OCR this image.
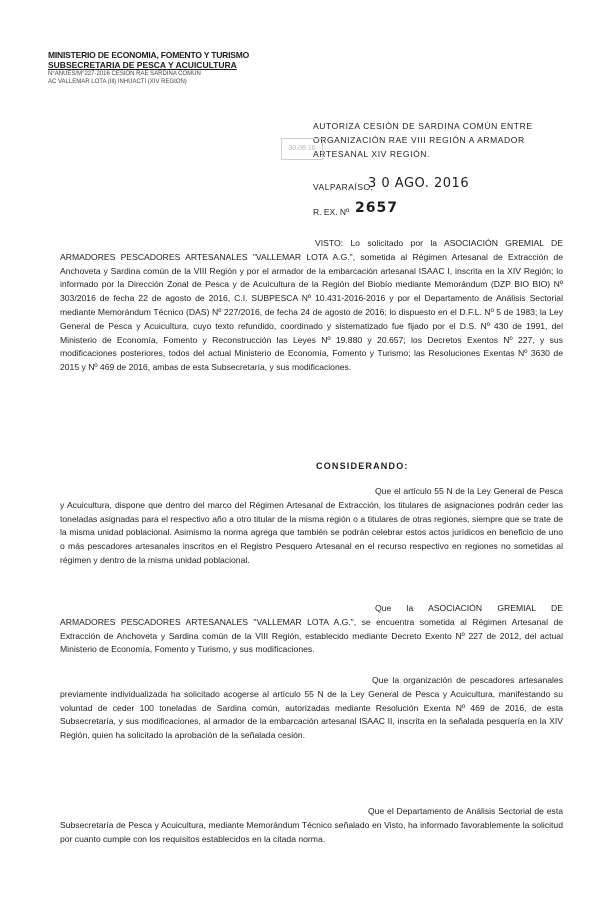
MINISTERIO DE ECONOMIA, FOMENTO Y TURISMO
SUBSECRETARIA DE PESCA Y ACUICULTURA
N°ANUES/M°227-2016 CESION RAE SARDINA COMUN
AC VALLEMAR LOTA (Ill) INHUACTI (XIV REGION)
AUTORIZA CESIÓN DE SARDINA COMÚN ENTRE ORGANIZACIÓN RAE VIII REGIÓN A ARMADOR ARTESANAL XIV REGIÓN.
30.08.16
VALPARAÍSO,
3 0 AGO. 2016
R. EX. Nº 2657
VISTO: Lo solicitado por la ASOCIACIÓN GREMIAL DE ARMADORES PESCADORES ARTESANALES "VALLEMAR LOTA A.G.", sometida al Régimen Artesanal de Extracción de Anchoveta y Sardina común de la VIII Región y por el armador de la embarcación artesanal ISAAC I, inscrita en la XIV Región; lo informado por la Dirección Zonal de Pesca y de Acuicultura de la Región del Biobío mediante Memorándum (DZP BIO BIO) Nº 303/2016 de fecha 22 de agosto de 2016, C.I. SUBPESCA Nº 10.431-2016-2016 y por el Departamento de Análisis Sectorial mediante Memorándum Técnico (DAS) Nº 227/2016, de fecha 24 de agosto de 2016; lo dispuesto en el D.F.L. Nº 5 de 1983; la Ley General de Pesca y Acuicultura, cuyo texto refundido, coordinado y sistematizado fue fijado por el D.S. Nº 430 de 1991, del Ministerio de Economía, Fomento y Reconstrucción las Leyes Nº 19.880 y 20.657; los Decretos Exentos Nº 227, y sus modificaciones posteriores, todos del actual Ministerio de Economía, Fomento y Turismo; las Resoluciones Exentas Nº 3630 de 2015 y Nº 469 de 2016, ambas de esta Subsecretaría, y sus modificaciones.
CONSIDERANDO:
Que el artículo 55 N de la Ley General de Pesca y Acuicultura, dispone que dentro del marco del Régimen Artesanal de Extracción, los titulares de asignaciones podrán ceder las toneladas asignadas para el respectivo año a otro titular de la misma región o a titulares de otras regiones, siempre que se trate de la misma unidad poblacional. Asimismo la norma agrega que también se podrán celebrar estos actos jurídicos en beneficio de uno o más pescadores artesanales inscritos en el Registro Pesquero Artesanal en el recurso respectivo en regiones no sometidas al régimen y dentro de la misma unidad poblacional.
Que la ASOCIACIÓN GREMIAL DE ARMADORES PESCADORES ARTESANALES "VALLEMAR LOTA A.G.", se encuentra sometida al Régimen Artesanal de Extracción de Anchoveta y Sardina común de la VIII Región, establecido mediante Decreto Exento Nº 227 de 2012, del actual Ministerio de Economía, Fomento y Turismo, y sus modificaciones.
Que la organización de pescadores artesanales previamente individualizada ha solicitado acogerse al artículo 55 N de la Ley General de Pesca y Acuicultura, manifestando su voluntad de ceder 100 toneladas de Sardina común, autorizadas mediante Resolución Exenta Nº 469 de 2016, de esta Subsecretaría, y sus modificaciones, al armador de la embarcación artesanal ISAAC II, inscrita en la señalada pesquería en la XIV Región, quien ha solicitado la aprobación de la señalada cesión.
Que el Departamento de Análisis Sectorial de esta Subsecretaría de Pesca y Acuicultura, mediante Memorándum Técnico señalado en Visto, ha informado favorablemente la solicitud por cuanto cumple con los requisitos establecidos en la citada norma.
